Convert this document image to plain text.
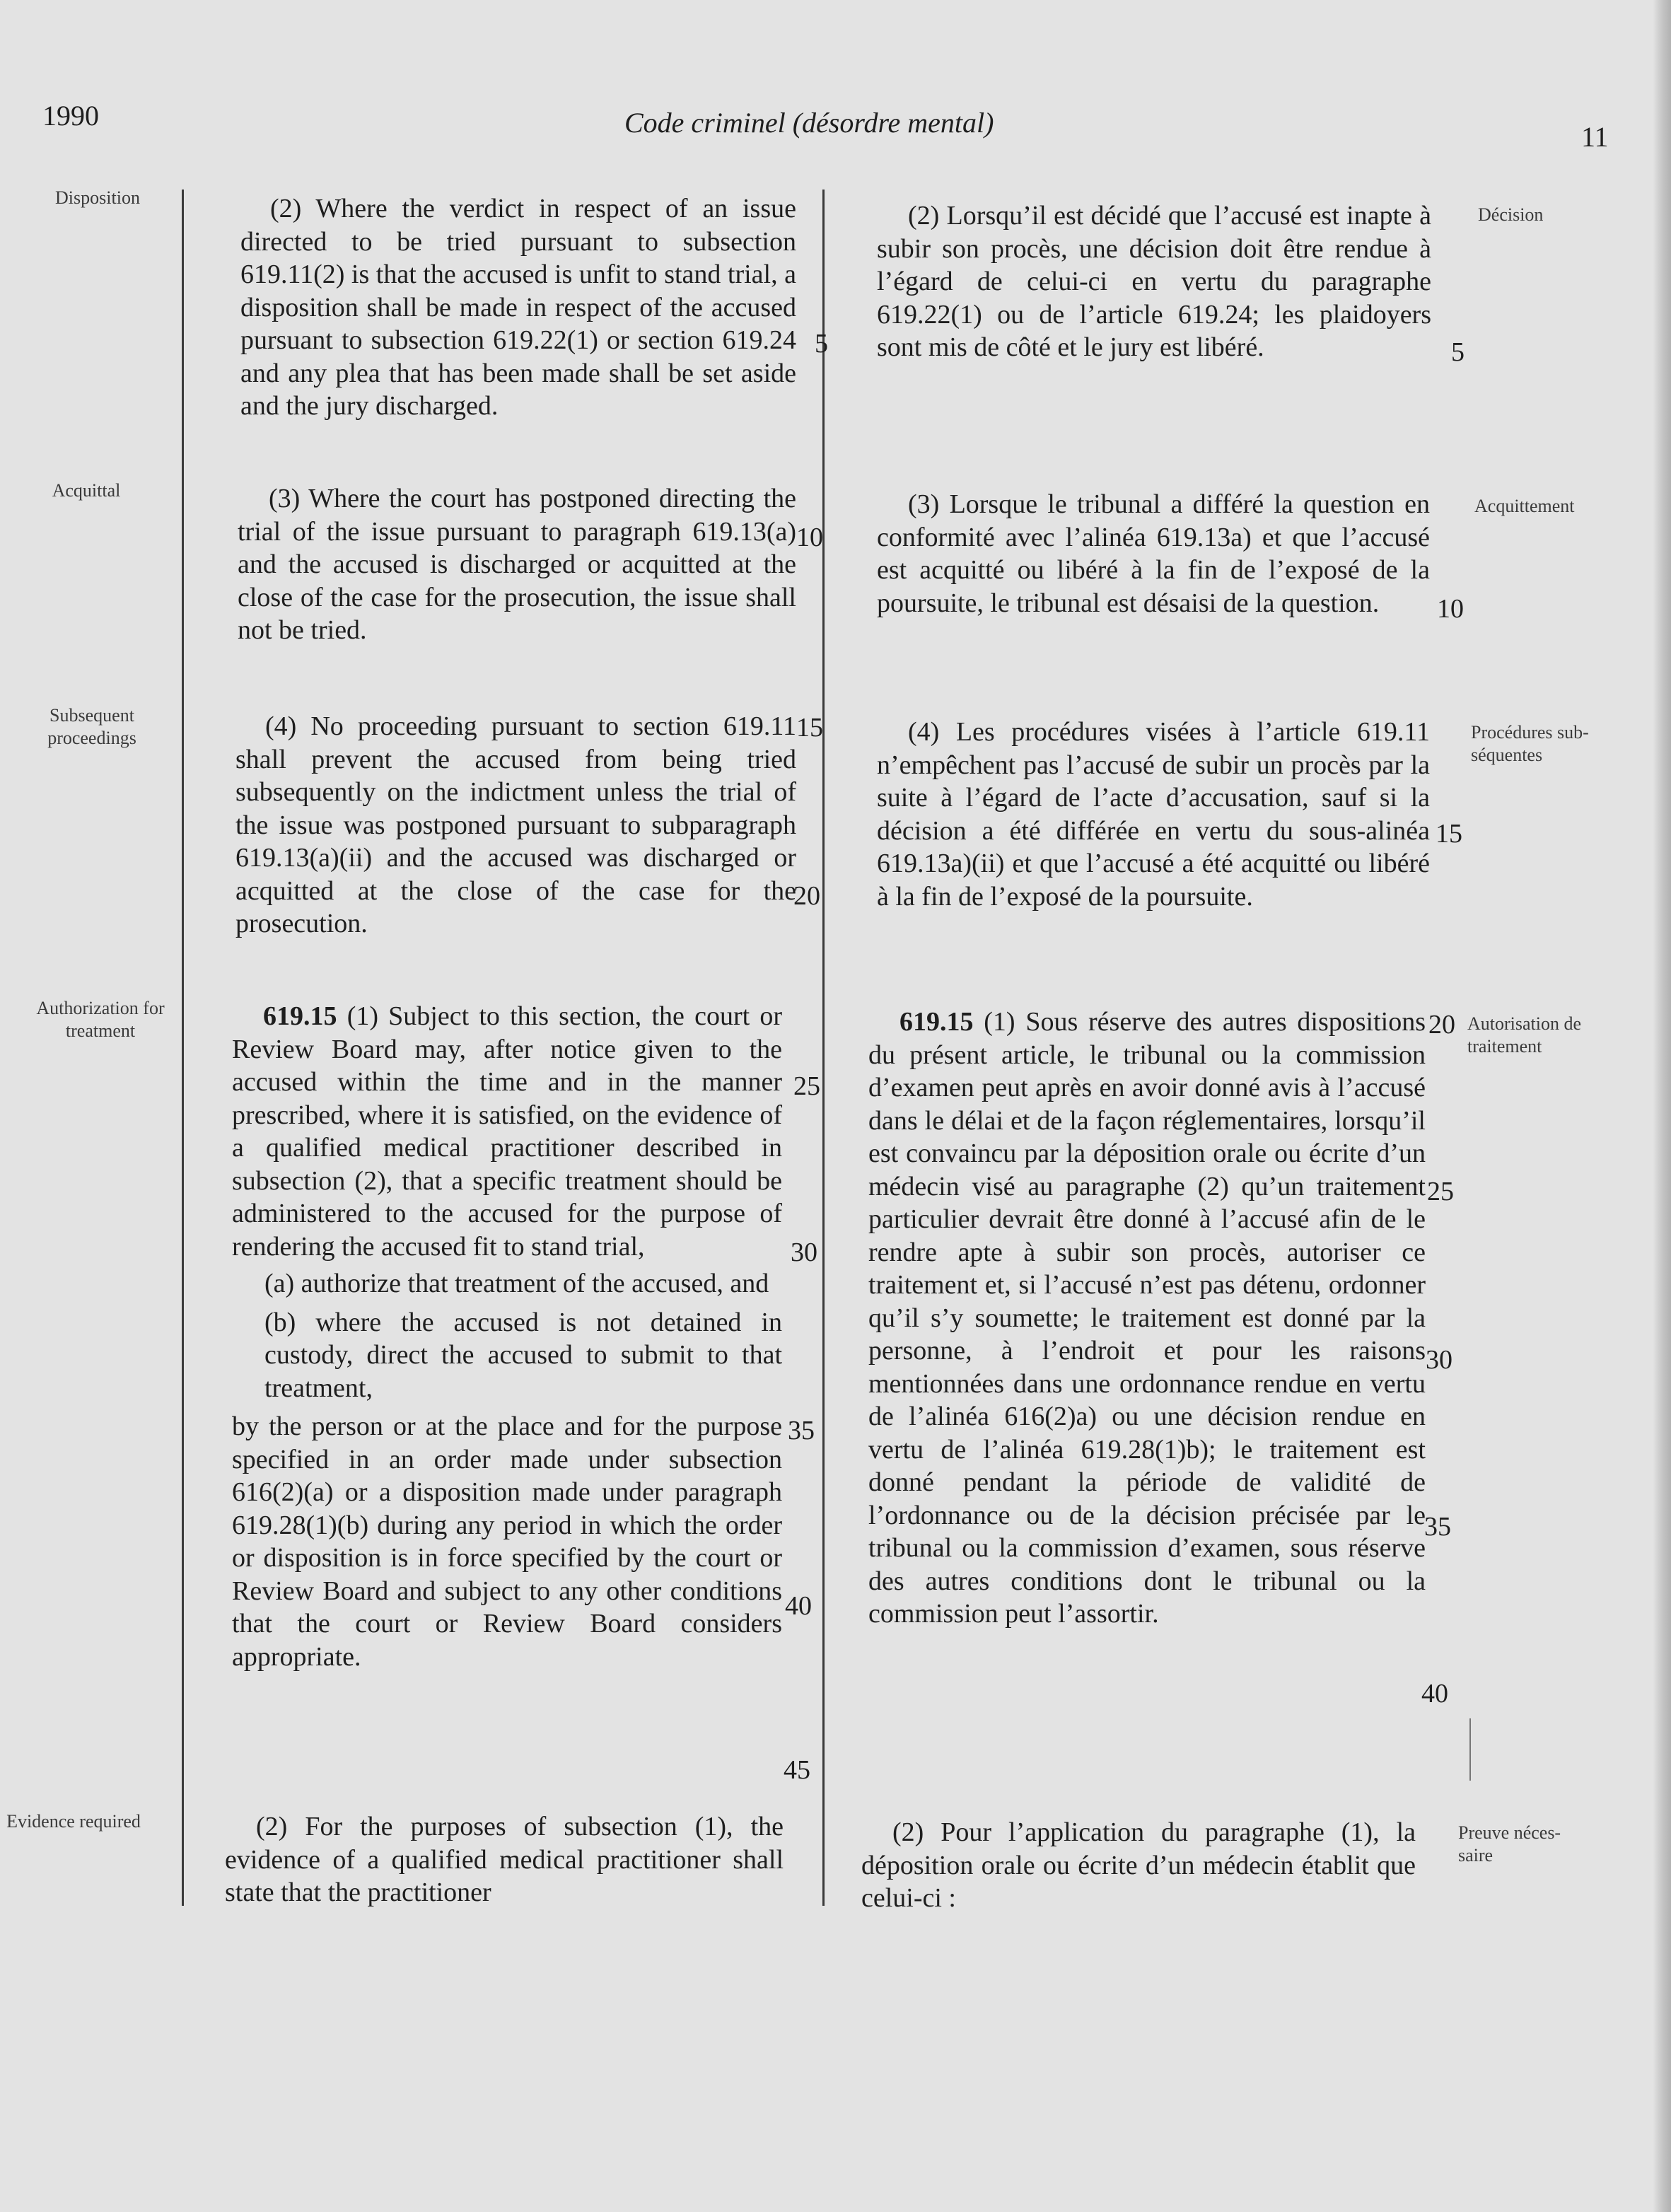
1990	Code criminel (désordre mental)	11
Disposition
Acquittal
Subsequent proceedings
Authorization for treatment
Evidence required
Décision
Acquittement
Procédures sub-séquentes
Autorisation de traitement
Preuve néces-saire

(2) Where the verdict in respect of an issue directed to be tried pursuant to subsection 619.11(2) is that the accused is unfit to stand trial, a disposition shall be made in respect of the accused pursuant to subsection 619.22(1) or section 619.24 and any plea that has been made shall be set aside and the jury discharged.

(3) Where the court has postponed directing the trial of the issue pursuant to paragraph 619.13(a) and the accused is discharged or acquitted at the close of the case for the prosecution, the issue shall not be tried.

(4) No proceeding pursuant to section 619.11 shall prevent the accused from being tried subsequently on the indictment unless the trial of the issue was postponed pursuant to subparagraph 619.13(a)(ii) and the accused was discharged or acquitted at the close of the case for the prosecution.

619.15 (1) Subject to this section, the court or Review Board may, after notice given to the accused within the time and in the manner prescribed, where it is satisfied, on the evidence of a qualified medical practitioner described in subsection (2), that a specific treatment should be administered to the accused for the purpose of rendering the accused fit to stand trial,

(a) authorize that treatment of the accused, and

(b) where the accused is not detained in custody, direct the accused to submit to that treatment,

by the person or at the place and for the purpose specified in an order made under subsection 616(2)(a) or a disposition made under paragraph 619.28(1)(b) during any period in which the order or disposition is in force specified by the court or Review Board and subject to any other conditions that the court or Review Board considers appropriate.

(2) For the purposes of subsection (1), the evidence of a qualified medical practitioner shall state that the practitioner

5
10
15
20
25
30
35
40
45

(2) Lorsqu’il est décidé que l’accusé est inapte à subir son procès, une décision doit être rendue à l’égard de celui-ci en vertu du paragraphe 619.22(1) ou de l’article 619.24; les plaidoyers sont mis de côté et le jury est libéré.

(3) Lorsque le tribunal a différé la question en conformité avec l’alinéa 619.13a) et que l’accusé est acquitté ou libéré à la fin de l’exposé de la poursuite, le tribunal est désaisi de la question.

(4) Les procédures visées à l’article 619.11 n’empêchent pas l’accusé de subir un procès par la suite à l’égard de l’acte d’accusation, sauf si la décision a été différée en vertu du sous-alinéa 619.13a)(ii) et que l’accusé a été acquitté ou libéré à la fin de l’exposé de la poursuite.

619.15 (1) Sous réserve des autres dispositions du présent article, le tribunal ou la commission d’examen peut après en avoir donné avis à l’accusé dans le délai et de la façon réglementaires, lorsqu’il est convaincu par la déposition orale ou écrite d’un médecin visé au paragraphe (2) qu’un traitement particulier devrait être donné à l’accusé afin de le rendre apte à subir son procès, autoriser ce traitement et, si l’accusé n’est pas détenu, ordonner qu’il s’y soumette; le traitement est donné par la personne, à l’endroit et pour les raisons mentionnées dans une ordonnance rendue en vertu de l’alinéa 616(2)a) ou une décision rendue en vertu de l’alinéa 619.28(1)b); le traitement est donné pendant la période de validité de l’ordonnance ou de la décision précisée par le tribunal ou la commission d’examen, sous réserve des autres conditions dont le tribunal ou la commission peut l’assortir.

(2) Pour l’application du paragraphe (1), la déposition orale ou écrite d’un médecin établit que celui-ci :

5
10
15
20
25
30
35
40
